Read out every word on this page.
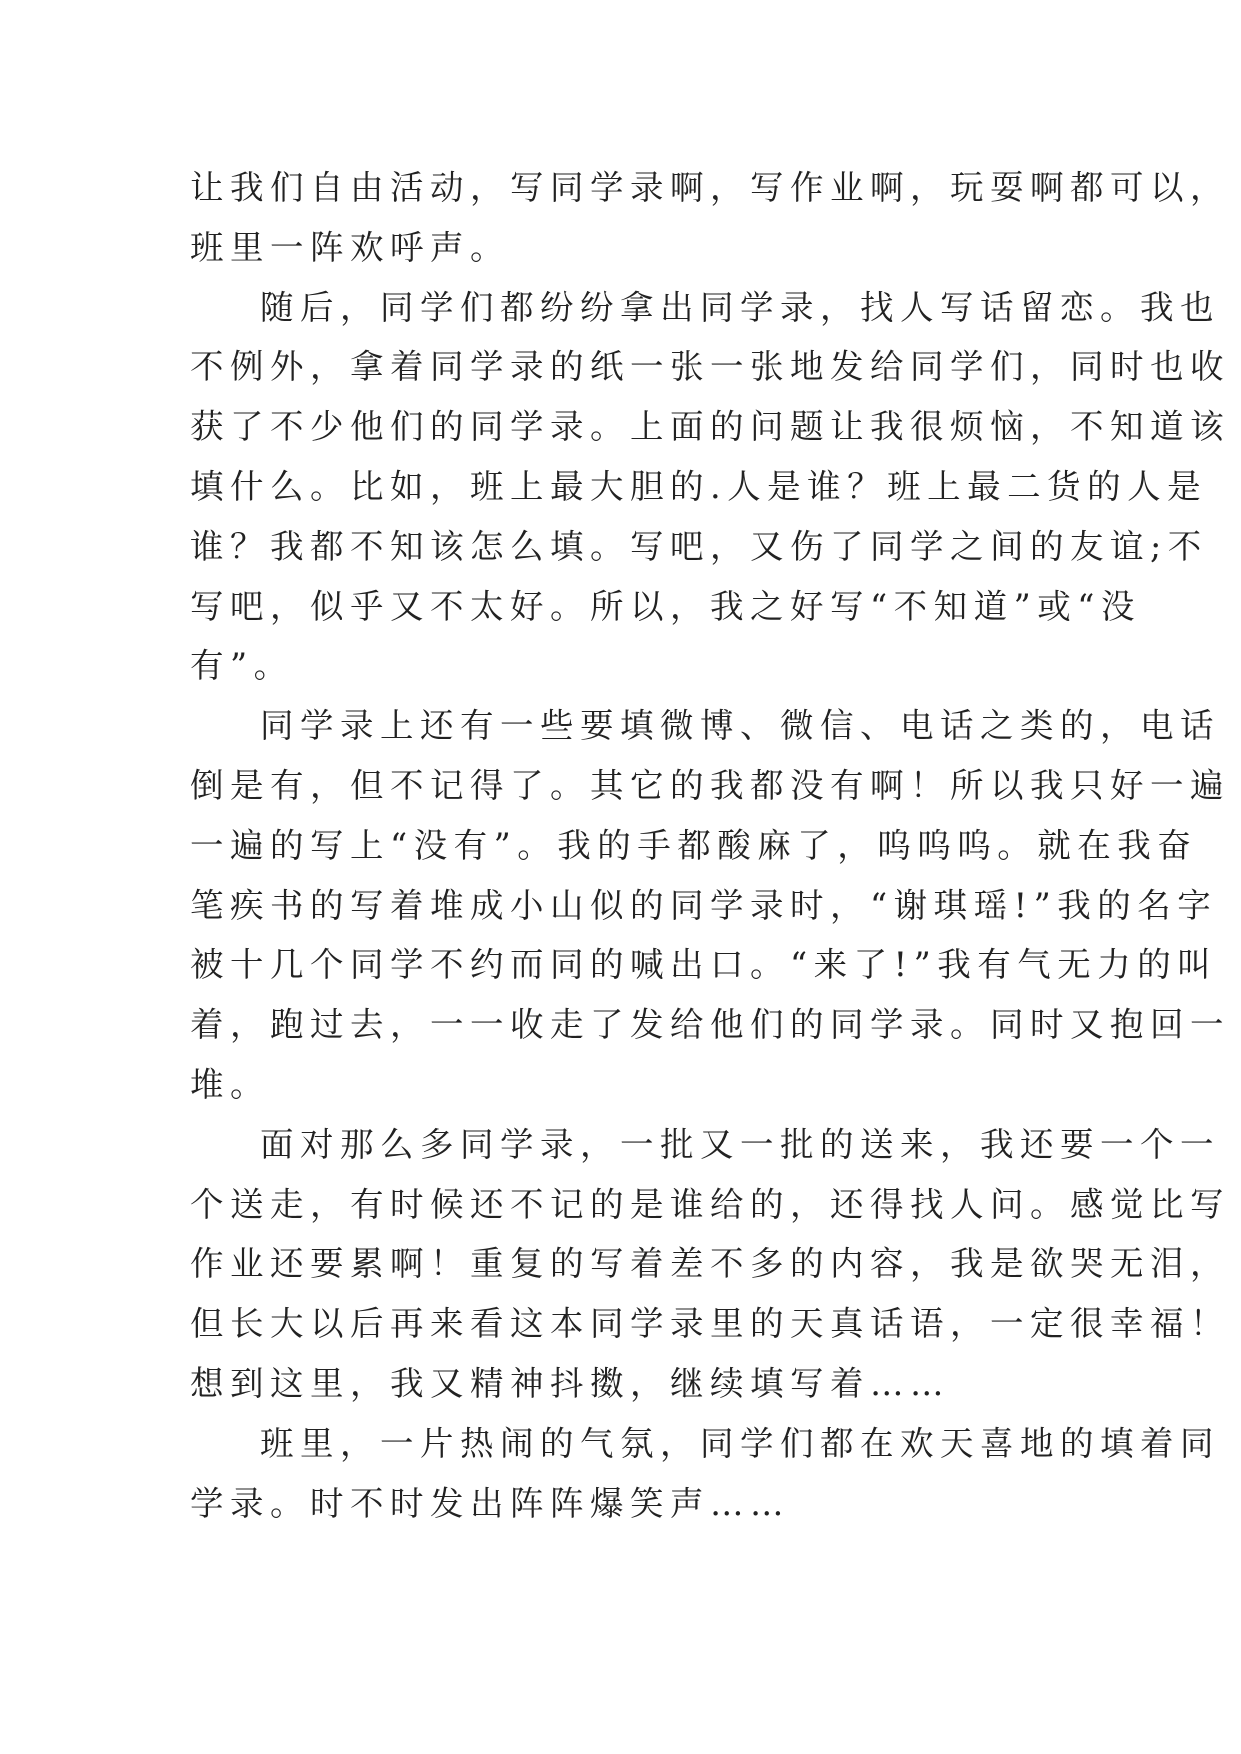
让我们自由活动，写同学录啊，写作业啊，玩耍啊都可以，
班里一阵欢呼声。
随后，同学们都纷纷拿出同学录，找人写话留恋。我也
不例外，拿着同学录的纸一张一张地发给同学们，同时也收
获了不少他们的同学录。上面的问题让我很烦恼，不知道该
填什么。比如，班上最大胆的.人是谁？班上最二货的人是
谁？我都不知该怎么填。写吧，又伤了同学之间的友谊;不
写吧，似乎又不太好。所以，我之好写“不知道”或“没
有”。
同学录上还有一些要填微博、微信、电话之类的，电话
倒是有，但不记得了。其它的我都没有啊！所以我只好一遍
一遍的写上“没有”。我的手都酸麻了，呜呜呜。就在我奋
笔疾书的写着堆成小山似的同学录时，“谢琪瑶!”我的名字
被十几个同学不约而同的喊出口。“来了!”我有气无力的叫
着，跑过去，一一收走了发给他们的同学录。同时又抱回一
堆。
面对那么多同学录，一批又一批的送来，我还要一个一
个送走，有时候还不记的是谁给的，还得找人问。感觉比写
作业还要累啊！重复的写着差不多的内容，我是欲哭无泪，
但长大以后再来看这本同学录里的天真话语，一定很幸福！
想到这里，我又精神抖擞，继续填写着……
班里，一片热闹的气氛，同学们都在欢天喜地的填着同
学录。时不时发出阵阵爆笑声……
